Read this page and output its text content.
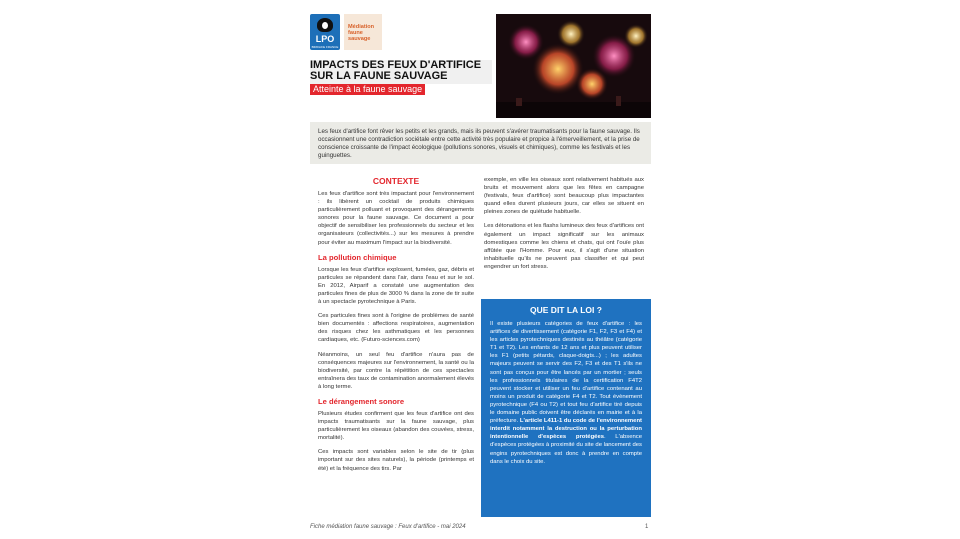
LPO
BIRDLIFE FRANCE
Médiation
faune
sauvage
IMPACTS DES FEUX D'ARTIFICE SUR LA FAUNE SAUVAGE
Atteinte à la faune sauvage

Les feux d'artifice font rêver les petits et les grands, mais ils peuvent s'avérer traumatisants pour la faune sauvage. Ils occasionnent une contradiction sociétale entre cette activité très populaire et propice à l'émerveillement, et la prise de conscience croissante de l'impact écologique (pollutions sonores, visuels et chimiques), comme les festivals et les guinguettes.

CONTEXTE

Les feux d'artifice sont très impactant pour l'environnement : ils libèrent un cocktail de produits chimiques particulièrement polluant et provoquent des dérangements sonores pour la faune sauvage. Ce document a pour objectif de sensibiliser les professionnels du secteur et les organisateurs (collectivités...) sur les mesures à prendre pour éviter au maximum l'impact sur la biodiversité.

La pollution chimique

Lorsque les feux d'artifice explosent, fumées, gaz, débris et particules se répandent dans l'air, dans l'eau et sur le sol. En 2012, Airparif a constaté une augmentation des particules fines de plus de 3000 % dans la zone de tir suite à un spectacle pyrotechnique à Paris.

Ces particules fines sont à l'origine de problèmes de santé bien documentés : affections respiratoires, augmentation des risques chez les asthmatiques et les personnes cardiaques, etc. (Futuro-sciences.com)

Néanmoins, un seul feu d'artifice n'aura pas de conséquences majeures sur l'environnement, la santé ou la biodiversité, par contre la répétition de ces spectacles entraînera des taux de contamination anormalement élevés à long terme.

Le dérangement sonore

Plusieurs études confirment que les feux d'artifice ont des impacts traumatisants sur la faune sauvage, plus particulièrement les oiseaux (abandon des couvées, stress, mortalité).

Ces impacts sont variables selon le site de tir (plus important sur des sites naturels), la période (printemps et été) et la fréquence des tirs. Par

exemple, en ville les oiseaux sont relativement habitués aux bruits et mouvement alors que les fêtes en campagne (festivals, feux d'artifice) sont beaucoup plus impactantes quand elles durent plusieurs jours, car elles se situent en pleines zones de quiétude habituelle.

Les détonations et les flashs lumineux des feux d'artifices ont également un impact significatif sur les animaux domestiques comme les chiens et chats, qui ont l'ouïe plus affûtée que l'Homme. Pour eux, il s'agit d'une situation inhabituelle qu'ils ne peuvent pas classifier et qui peut engendrer un fort stress.

QUE DIT LA LOI ?

Il existe plusieurs catégories de feux d'artifice : les artifices de divertissement (catégorie F1, F2, F3 et F4) et les articles pyrotechniques destinés au théâtre (catégorie T1 et T2). Les enfants de 12 ans et plus peuvent utiliser les F1 (petits pétards, claque-doigts...) ; les adultes majeurs peuvent se servir des F2, F3 et des T1 s'ils ne sont pas conçus pour être lancés par un mortier ; seuls les professionnels titulaires de la certification F4T2 peuvent stocker et utiliser un feu d'artifice contenant au moins un produit de catégorie F4 et T2. Tout évènement pyrotechnique (F4 ou T2) et tout feu d'artifice tiré depuis le domaine public doivent être déclarés en mairie et à la préfecture. L'article L411-1 du code de l'environnement interdit notamment la destruction ou la perturbation intentionnelle d'espèces protégées. L'absence d'espèces protégées à proximité du site de lancement des engins pyrotechniques est donc à prendre en compte dans le choix du site.

Fiche médiation faune sauvage : Feux d'artifice - mai 2024	1
